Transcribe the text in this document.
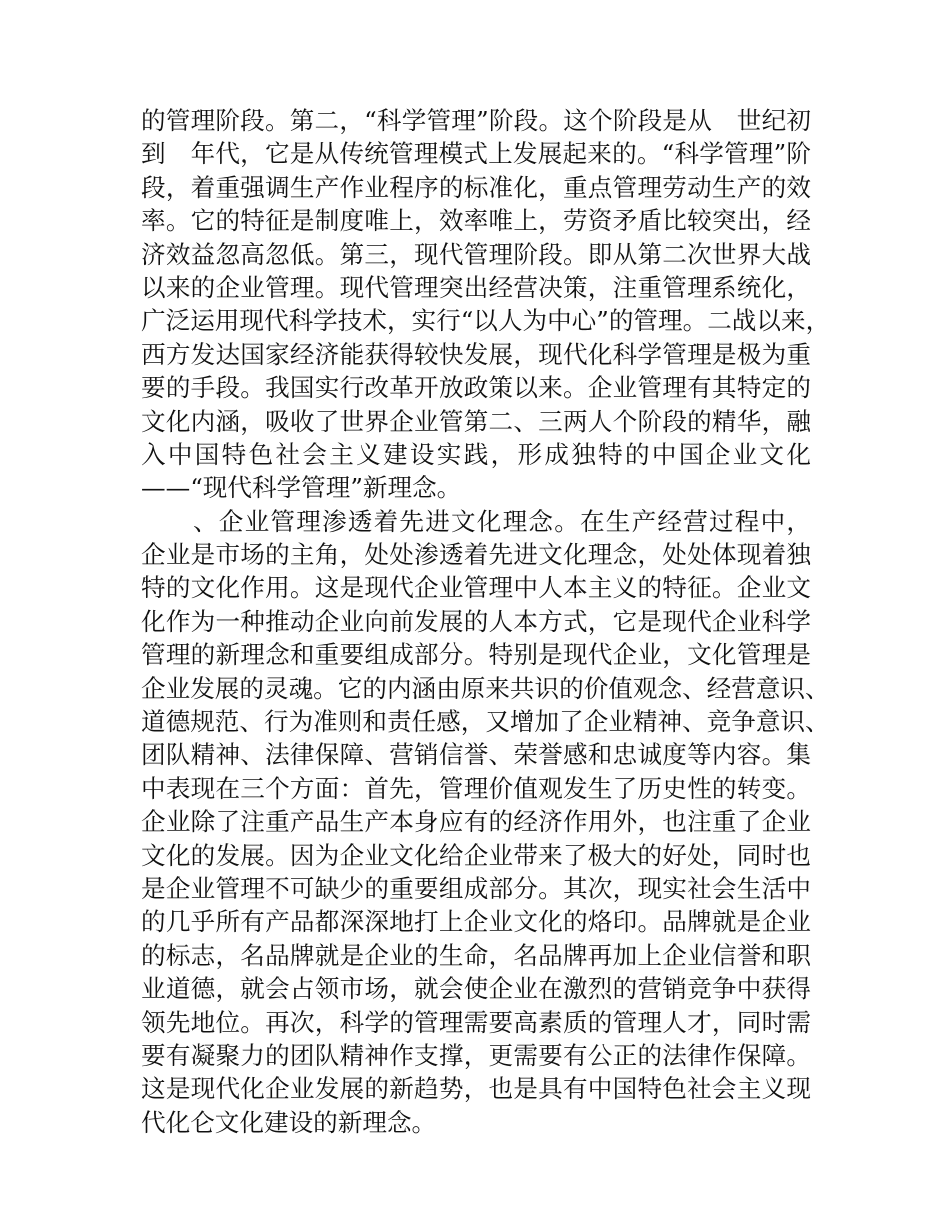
的管理阶段。第二，“科学管理”阶段。这个阶段是从　世纪初
到　年代，它是从传统管理模式上发展起来的。“科学管理”阶
段，着重强调生产作业程序的标准化，重点管理劳动生产的效
率。它的特征是制度唯上，效率唯上，劳资矛盾比较突出，经
济效益忽高忽低。第三，现代管理阶段。即从第二次世界大战
以来的企业管理。现代管理突出经营决策，注重管理系统化，
广泛运用现代科学技术，实行“以人为中心”的管理。二战以来，
西方发达国家经济能获得较快发展，现代化科学管理是极为重
要的手段。我国实行改革开放政策以来。企业管理有其特定的
文化内涵，吸收了世界企业管第二、三两人个阶段的精华，融
入中国特色社会主义建设实践，形成独特的中国企业文化
——“现代科学管理”新理念。
、企业管理渗透着先进文化理念。在生产经营过程中，
企业是市场的主角，处处渗透着先进文化理念，处处体现着独
特的文化作用。这是现代企业管理中人本主义的特征。企业文
化作为一种推动企业向前发展的人本方式，它是现代企业科学
管理的新理念和重要组成部分。特别是现代企业，文化管理是
企业发展的灵魂。它的内涵由原来共识的价值观念、经营意识、
道德规范、行为准则和责任感，又增加了企业精神、竞争意识、
团队精神、法律保障、营销信誉、荣誉感和忠诚度等内容。集
中表现在三个方面：首先，管理价值观发生了历史性的转变。
企业除了注重产品生产本身应有的经济作用外，也注重了企业
文化的发展。因为企业文化给企业带来了极大的好处，同时也
是企业管理不可缺少的重要组成部分。其次，现实社会生活中
的几乎所有产品都深深地打上企业文化的烙印。品牌就是企业
的标志，名品牌就是企业的生命，名品牌再加上企业信誉和职
业道德，就会占领市场，就会使企业在激烈的营销竞争中获得
领先地位。再次，科学的管理需要高素质的管理人才，同时需
要有凝聚力的团队精神作支撑，更需要有公正的法律作保障。
这是现代化企业发展的新趋势，也是具有中国特色社会主义现
代化仑文化建设的新理念。
